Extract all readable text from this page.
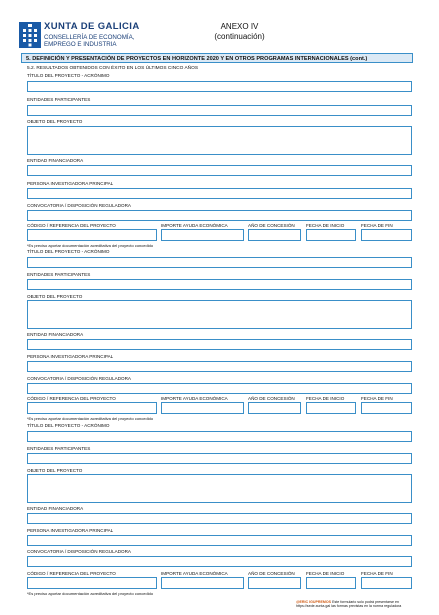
XUNTA DE GALICIA
CONSELLERÍA DE ECONOMÍA,
EMPREGO E INDUSTRIA
ANEXO IV
(continuación)
5. DEFINICIÓN Y PRESENTACIÓN DE PROYECTOS EN HORIZONTE 2020 Y EN OTROS PROGRAMAS INTERNACIONALES (cont.)
5.2. RESULTADOS OBTENIDOS CON ÉXITO EN LOS ÚLTIMOS CINCO AÑOS
TÍTULO DEL PROYECTO - ACRÓNIMO
ENTIDADES PARTICIPANTES
OBJETO DEL PROYECTO
ENTIDAD FINANCIADORA
PERSONA INVESTIGADORA PRINCIPAL
CONVOCATORIA / DISPOSICIÓN REGULADORA
CÓDIGO / REFERENCIA DEL PROYECTO	IMPORTE AYUDA ECONÓMICA	AÑO DE CONCESIÓN FECHA DE INICIO	FECHA DE FIN
*Es preciso aportar documentación acreditativa del proyecto concedido
TÍTULO DEL PROYECTO - ACRÓNIMO
ENTIDADES PARTICIPANTES
OBJETO DEL PROYECTO
ENTIDAD FINANCIADORA
PERSONA INVESTIGADORA PRINCIPAL
CONVOCATORIA / DISPOSICIÓN REGULADORA
CÓDIGO / REFERENCIA DEL PROYECTO	IMPORTE AYUDA ECONÓMICA	AÑO DE CONCESIÓN FECHA DE INICIO	FECHA DE FIN
*Es preciso aportar documentación acreditativa del proyecto concedido
TÍTULO DEL PROYECTO - ACRÓNIMO
ENTIDADES PARTICIPANTES
OBJETO DEL PROYECTO
ENTIDAD FINANCIADORA
PERSONA INVESTIGADORA PRINCIPAL
CONVOCATORIA / DISPOSICIÓN REGULADORA
CÓDIGO / REFERENCIA DEL PROYECTO	IMPORTE AYUDA ECONÓMICA	AÑO DE CONCESIÓN FECHA DE INICIO	FECHA DE FIN
*Es preciso aportar documentación acreditativa del proyecto concedido
@ERIC IGUPREMOS Este formulario solo podrá presentarse en
https://sede.xunta.gal las formas previstas en la norma reguladora
